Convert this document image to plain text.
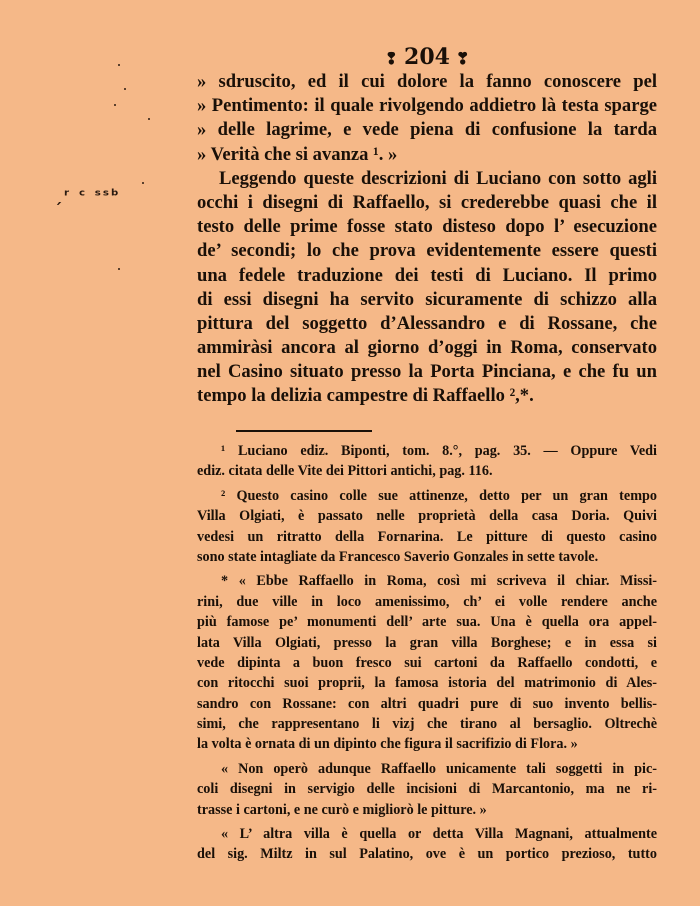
❢ 204 ❣
ˏʳ ᶜ ˢˢᵇ
» sdruscito, ed il cui dolore la fanno conoscere pel
» Pentimento: il quale rivolgendo addietro là testa sparge
» delle lagrime, e vede piena di confusione la tarda
» Verità che si avanza ¹. »
Leggendo queste descrizioni di Luciano con sotto agli
occhi i disegni di Raffaello, si crederebbe quasi che il
testo delle prime fosse stato disteso dopo l’ esecuzione
de’ secondi; lo che prova evidentemente essere questi
una fedele traduzione dei testi di Luciano. Il primo
di essi disegni ha servito sicuramente di schizzo alla
pittura del soggetto d’Alessandro e di Rossane, che
ammiràsi ancora al giorno d’oggi in Roma, conservato
nel Casino situato presso la Porta Pinciana, e che fu un
tempo la delizia campestre di Raffaello ²,*.
¹ Luciano ediz. Biponti, tom. 8.°, pag. 35. — Oppure Vedi
ediz. citata delle Vite dei Pittori antichi, pag. 116.
² Questo casino colle sue attinenze, detto per un gran tempo
Villa Olgiati, è passato nelle proprietà della casa Doria. Quivi
vedesi un ritratto della Fornarina. Le pitture di questo casino
sono state intagliate da Francesco Saverio Gonzales in sette tavole.
* « Ebbe Raffaello in Roma, così mi scriveva il chiar. Missi-
rini, due ville in loco amenissimo, ch’ ei volle rendere anche
più famose pe’ monumenti dell’ arte sua. Una è quella ora appel-
lata Villa Olgiati, presso la gran villa Borghese; e in essa si
vede dipinta a buon fresco sui cartoni da Raffaello condotti, e
con ritocchi suoi proprii, la famosa istoria del matrimonio di Ales-
sandro con Rossane: con altri quadri pure di suo invento bellis-
simi, che rappresentano li vizj che tirano al bersaglio. Oltrechè
la volta è ornata di un dipinto che figura il sacrifizio di Flora. »
« Non operò adunque Raffaello unicamente tali soggetti in pic-
coli disegni in servigio delle incisioni di Marcantonio, ma ne ri-
trasse i cartoni, e ne curò e migliorò le pitture. »
« L’ altra villa è quella or detta Villa Magnani, attualmente
del sig. Miltz in sul Palatino, ove è un portico prezioso, tutto
